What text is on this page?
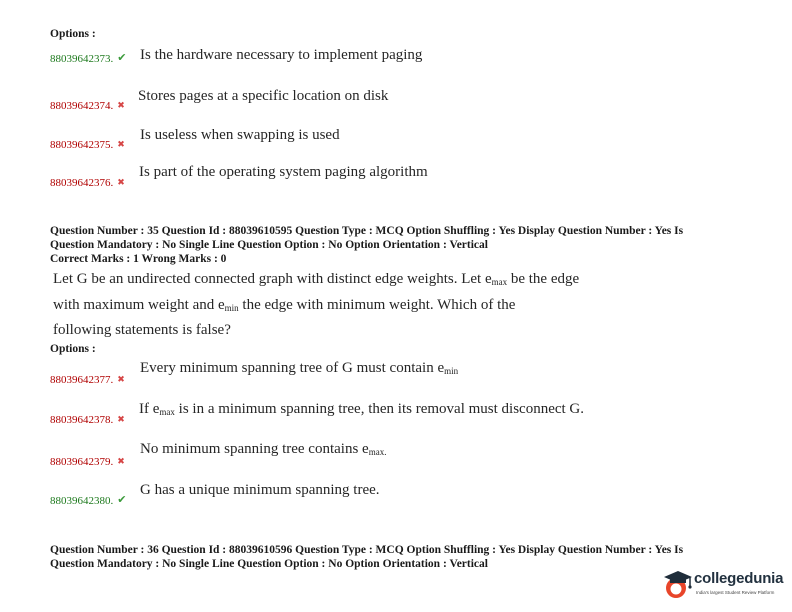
Options :
88039642373. ✔ Is the hardware necessary to implement paging
88039642374. ✖
Stores pages at a specific location on disk
88039642375. ✖
Is useless when swapping is used
88039642376. ✖
Is part of the operating system paging algorithm
Question Number : 35 Question Id : 88039610595 Question Type : MCQ Option Shuffling : Yes Display Question Number : Yes Is
Question Mandatory : No Single Line Question Option : No Option Orientation : Vertical
Correct Marks : 1 Wrong Marks : 0
Let G be an undirected connected graph with distinct edge weights. Let $e_{max}$ be the edge
with maximum weight and $e_{min}$ the edge with minimum weight. Which of the
following statements is false?
Options :
88039642377. ✖
Every minimum spanning tree of G must contain $e_{min}$
88039642378. ✖
If $e_{max}$ is in a minimum spanning tree, then its removal must disconnect G.
88039642379. ✖
No minimum spanning tree contains $e_{max.}$
88039642380. ✔
G has a unique minimum spanning tree.
Question Number : 36 Question Id : 88039610596 Question Type : MCQ Option Shuffling : Yes Display Question Number : Yes Is
Question Mandatory : No Single Line Question Option : No Option Orientation : Vertical
collegedunia
India's largest Student Review Platform
